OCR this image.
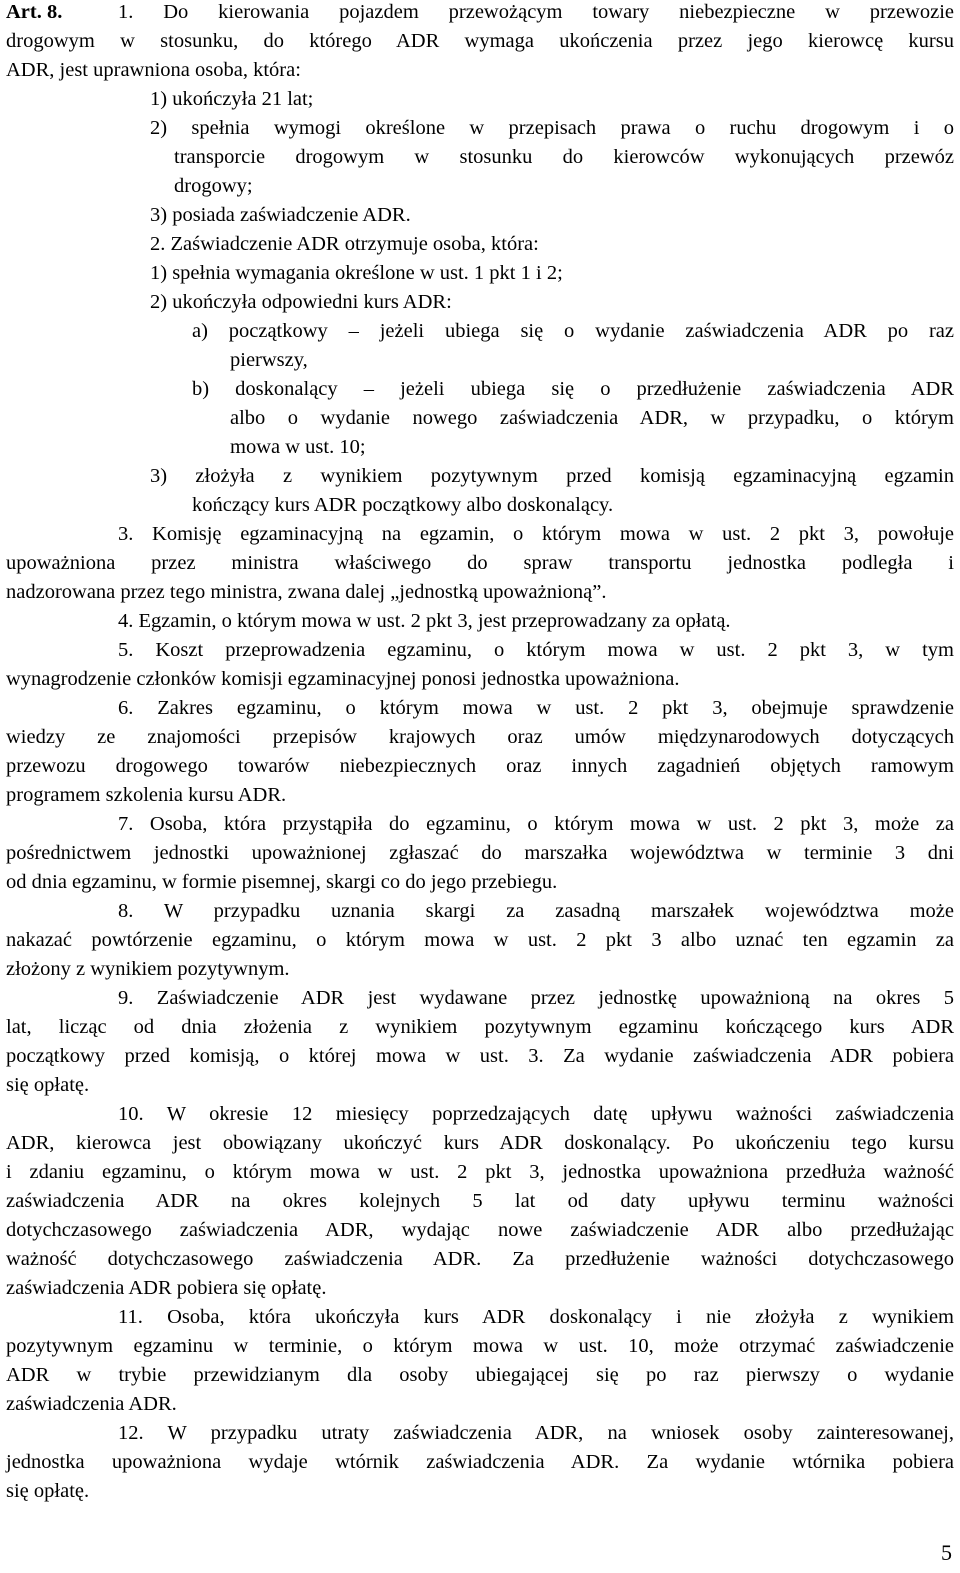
Art. 8.	1. Do kierowania pojazdem przewożącym towary niebezpieczne w przewozie
drogowym w stosunku, do którego ADR wymaga ukończenia przez jego kierowcę kursu
ADR, jest uprawniona osoba, która:
1) ukończyła 21 lat;
2) spełnia wymogi określone w przepisach prawa o ruchu drogowym i o
transporcie drogowym w stosunku do kierowców wykonujących przewóz
drogowy;
3) posiada zaświadczenie ADR.
2. Zaświadczenie ADR otrzymuje osoba, która:
1) spełnia wymagania określone w ust. 1 pkt 1 i 2;
2) ukończyła odpowiedni kurs ADR:
a) początkowy – jeżeli ubiega się o wydanie zaświadczenia ADR po raz
pierwszy,
b) doskonalący – jeżeli ubiega się o przedłużenie zaświadczenia ADR
albo o wydanie nowego zaświadczenia ADR, w przypadku, o którym
mowa w ust. 10;
3) złożyła z wynikiem pozytywnym przed komisją egzaminacyjną egzamin
kończący kurs ADR początkowy albo doskonalący.
3. Komisję egzaminacyjną na egzamin, o którym mowa w ust. 2 pkt 3, powołuje
upoważniona przez ministra właściwego do spraw transportu jednostka podległa i
nadzorowana przez tego ministra, zwana dalej „jednostką upoważnioną”.
4. Egzamin, o którym mowa w ust. 2 pkt 3, jest przeprowadzany za opłatą.
5. Koszt przeprowadzenia egzaminu, o którym mowa w ust. 2 pkt 3, w tym
wynagrodzenie członków komisji egzaminacyjnej ponosi jednostka upoważniona.
6. Zakres egzaminu, o którym mowa w ust. 2 pkt 3, obejmuje sprawdzenie
wiedzy ze znajomości przepisów krajowych oraz umów międzynarodowych dotyczących
przewozu drogowego towarów niebezpiecznych oraz innych zagadnień objętych ramowym
programem szkolenia kursu ADR.
7. Osoba, która przystąpiła do egzaminu, o którym mowa w ust. 2 pkt 3, może za
pośrednictwem jednostki upoważnionej zgłaszać do marszałka województwa w terminie 3 dni
od dnia egzaminu, w formie pisemnej, skargi co do jego przebiegu.
8. W przypadku uznania skargi za zasadną marszałek województwa może
nakazać powtórzenie egzaminu, o którym mowa w ust. 2 pkt 3 albo uznać ten egzamin za
złożony z wynikiem pozytywnym.
9. Zaświadczenie ADR jest wydawane przez jednostkę upoważnioną na okres 5
lat, licząc od dnia złożenia z wynikiem pozytywnym egzaminu kończącego kurs ADR
początkowy przed komisją, o której mowa w ust. 3. Za wydanie zaświadczenia ADR pobiera
się opłatę.
10. W okresie 12 miesięcy poprzedzających datę upływu ważności zaświadczenia
ADR, kierowca jest obowiązany ukończyć kurs ADR doskonalący. Po ukończeniu tego kursu
i zdaniu egzaminu, o którym mowa w ust. 2 pkt 3, jednostka upoważniona przedłuża ważność
zaświadczenia ADR na okres kolejnych 5 lat od daty upływu terminu ważności
dotychczasowego zaświadczenia ADR, wydając nowe zaświadczenie ADR albo przedłużając
ważność dotychczasowego zaświadczenia ADR. Za przedłużenie ważności dotychczasowego
zaświadczenia ADR pobiera się opłatę.
11. Osoba, która ukończyła kurs ADR doskonalący i nie złożyła z wynikiem
pozytywnym egzaminu w terminie, o którym mowa w ust. 10, może otrzymać zaświadczenie
ADR w trybie przewidzianym dla osoby ubiegającej się po raz pierwszy o wydanie
zaświadczenia ADR.
12. W przypadku utraty zaświadczenia ADR, na wniosek osoby zainteresowanej,
jednostka upoważniona wydaje wtórnik zaświadczenia ADR. Za wydanie wtórnika pobiera
się opłatę.
5
